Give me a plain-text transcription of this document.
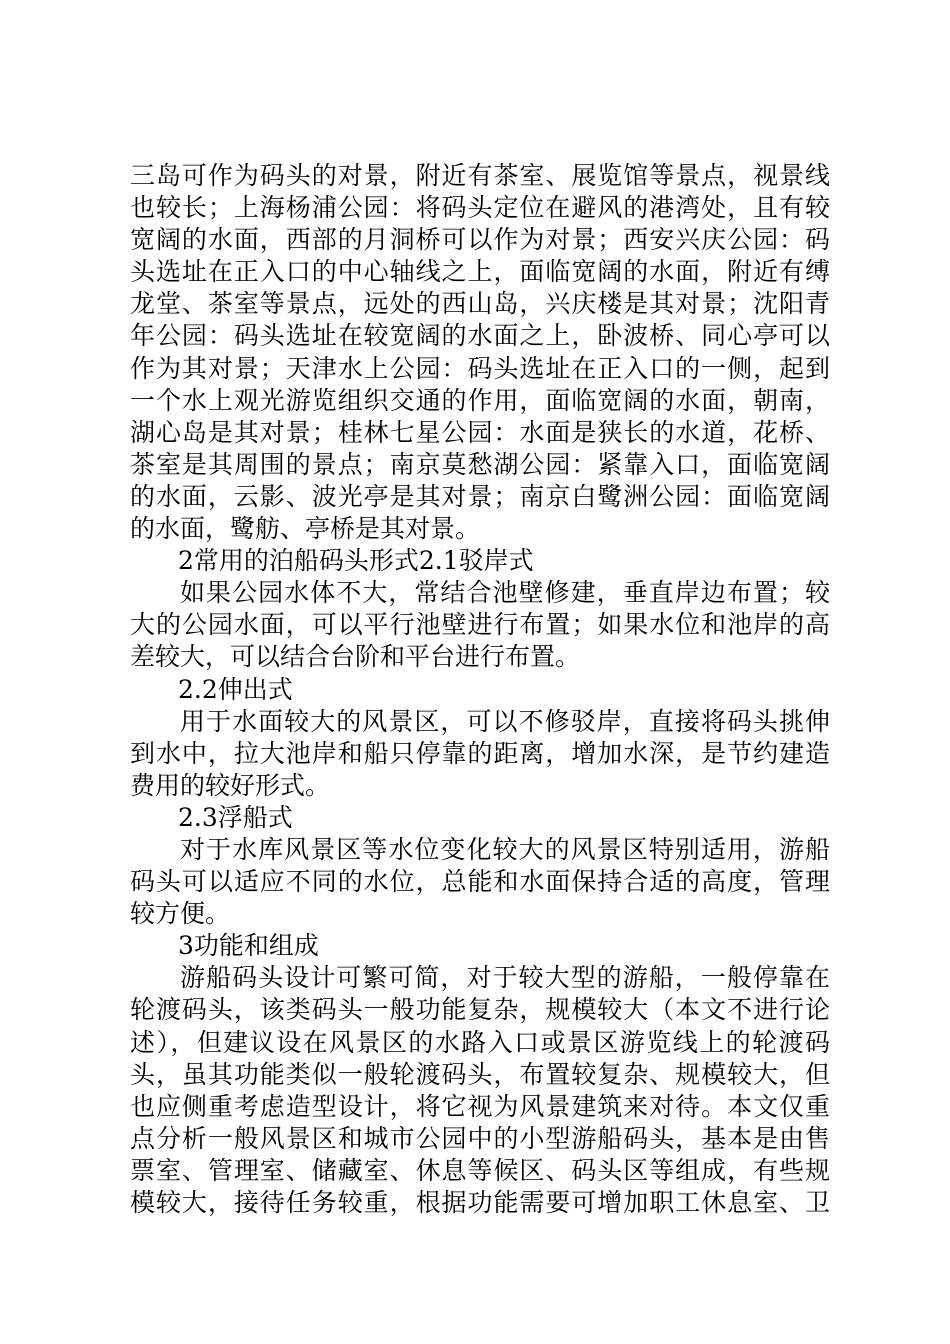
三岛可作为码头的对景，附近有茶室、展览馆等景点，视景线
也较长；上海杨浦公园：将码头定位在避风的港湾处，且有较
宽阔的水面，西部的月洞桥可以作为对景；西安兴庆公园：码
头选址在正入口的中心轴线之上，面临宽阔的水面，附近有缚
龙堂、茶室等景点，远处的西山岛，兴庆楼是其对景；沈阳青
年公园：码头选址在较宽阔的水面之上，卧波桥、同心亭可以
作为其对景；天津水上公园：码头选址在正入口的一侧，起到
一个水上观光游览组织交通的作用，面临宽阔的水面，朝南，
湖心岛是其对景；桂林七星公园：水面是狭长的水道，花桥、
茶室是其周围的景点；南京莫愁湖公园：紧靠入口，面临宽阔
的水面，云影、波光亭是其对景；南京白鹭洲公园：面临宽阔
的水面，鹭舫、亭桥是其对景。
2常用的泊船码头形式2.1驳岸式
如果公园水体不大，常结合池壁修建，垂直岸边布置；较
大的公园水面，可以平行池壁进行布置；如果水位和池岸的高
差较大，可以结合台阶和平台进行布置。
2.2伸出式
用于水面较大的风景区，可以不修驳岸，直接将码头挑伸
到水中，拉大池岸和船只停靠的距离，增加水深，是节约建造
费用的较好形式。
2.3浮船式
对于水库风景区等水位变化较大的风景区特别适用，游船
码头可以适应不同的水位，总能和水面保持合适的高度，管理
较方便。
3功能和组成
游船码头设计可繁可简，对于较大型的游船，一般停靠在
轮渡码头，该类码头一般功能复杂，规模较大（本文不进行论
述），但建议设在风景区的水路入口或景区游览线上的轮渡码
头，虽其功能类似一般轮渡码头，布置较复杂、规模较大，但
也应侧重考虑造型设计，将它视为风景建筑来对待。本文仅重
点分析一般风景区和城市公园中的小型游船码头，基本是由售
票室、管理室、储藏室、休息等候区、码头区等组成，有些规
模较大，接待任务较重，根据功能需要可增加职工休息室、卫
